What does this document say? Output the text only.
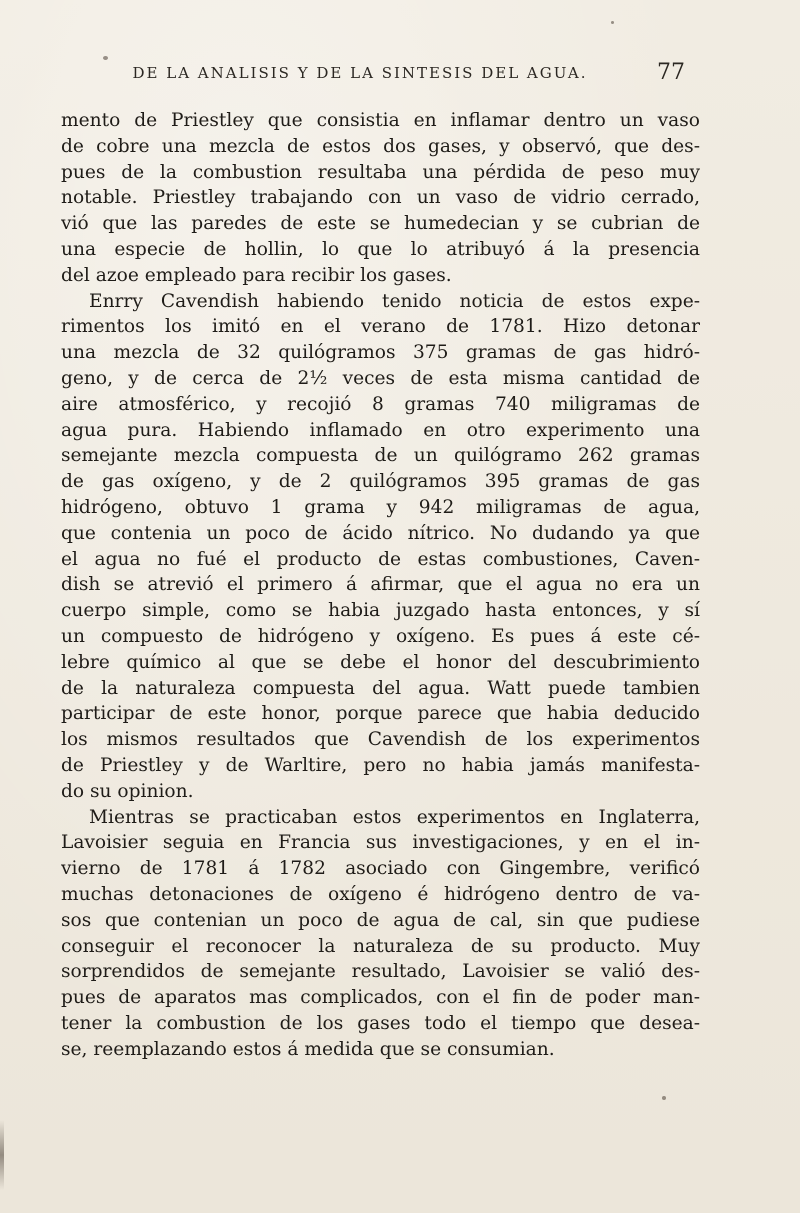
DE LA ANALISIS Y DE LA SINTESIS DEL AGUA.	77
mento de Priestley que consistia en inflamar dentro un vaso
de cobre una mezcla de estos dos gases, y observó, que des-
pues de la combustion resultaba una pérdida de peso muy
notable. Priestley trabajando con un vaso de vidrio cerrado,
vió que las paredes de este se humedecian y se cubrian de
una especie de hollin, lo que lo atribuyó á la presencia
del azoe empleado para recibir los gases.
Enrry Cavendish habiendo tenido noticia de estos expe-
rimentos los imitó en el verano de 1781. Hizo detonar
una mezcla de 32 quilógramos 375 gramas de gas hidró-
geno, y de cerca de 2½ veces de esta misma cantidad de
aire atmosférico, y recojió 8 gramas 740 miligramas de
agua pura. Habiendo inflamado en otro experimento una
semejante mezcla compuesta de un quilógramo 262 gramas
de gas oxígeno, y de 2 quilógramos 395 gramas de gas
hidrógeno, obtuvo 1 grama y 942 miligramas de agua,
que contenia un poco de ácido nítrico. No dudando ya que
el agua no fué el producto de estas combustiones, Caven-
dish se atrevió el primero á afirmar, que el agua no era un
cuerpo simple, como se habia juzgado hasta entonces, y sí
un compuesto de hidrógeno y oxígeno. Es pues á este cé-
lebre químico al que se debe el honor del descubrimiento
de la naturaleza compuesta del agua. Watt puede tambien
participar de este honor, porque parece que habia deducido
los mismos resultados que Cavendish de los experimentos
de Priestley y de Warltire, pero no habia jamás manifesta-
do su opinion.
Mientras se practicaban estos experimentos en Inglaterra,
Lavoisier seguia en Francia sus investigaciones, y en el in-
vierno de 1781 á 1782 asociado con Gingembre, verificó
muchas detonaciones de oxígeno é hidrógeno dentro de va-
sos que contenian un poco de agua de cal, sin que pudiese
conseguir el reconocer la naturaleza de su producto. Muy
sorprendidos de semejante resultado, Lavoisier se valió des-
pues de aparatos mas complicados, con el fin de poder man-
tener la combustion de los gases todo el tiempo que desea-
se, reemplazando estos á medida que se consumian.
